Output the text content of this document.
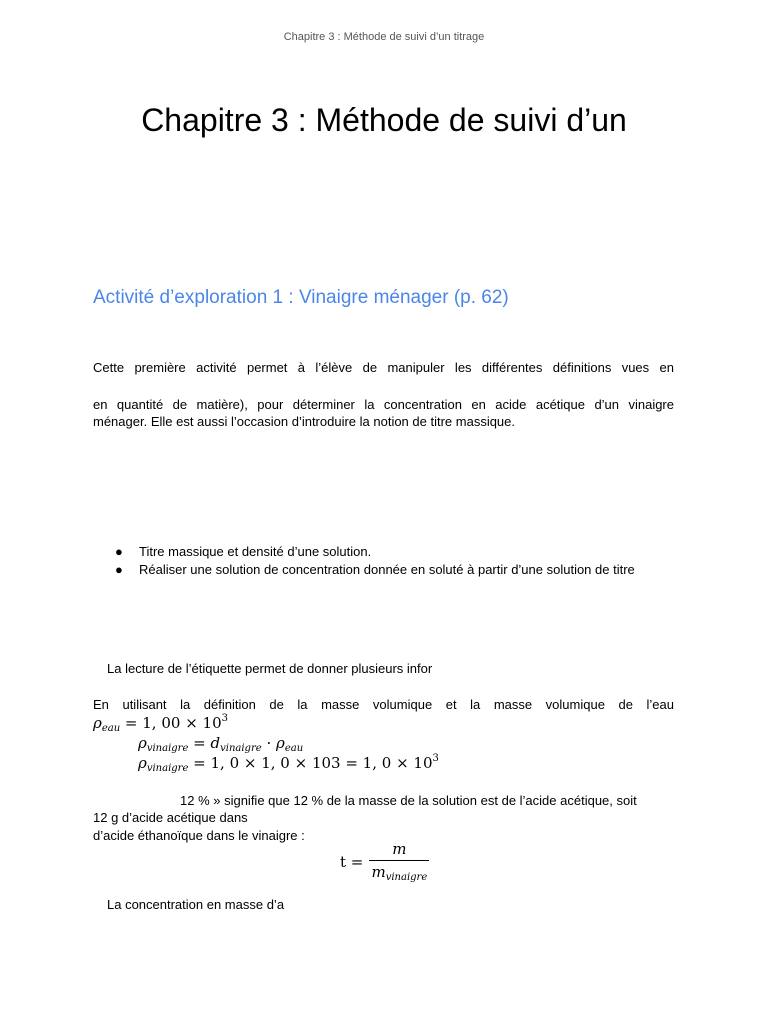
Chapitre 3 : Méthode de suivi d’un titrage
Chapitre 3 : Méthode de suivi d’un
Activité d’exploration 1 : Vinaigre ménager (p. 62)
Cette première activité permet à l’élève de manipuler les différentes définitions vues en
en quantité de matière), pour déterminer la concentration en acide acétique d’un vinaigre
ménager. Elle est aussi l’occasion d’introduire la notion de titre massique.
● Titre massique et densité d’une solution.
● Réaliser une solution de concentration donnée en soluté à partir d’une solution de titre
La lecture de l’étiquette permet de donner plusieurs infor
En utilisant la définition de la masse volumique et la masse volumique de l’eau
$\rho_{eau} = 1$, $00 \times 10^3$
$\rho_{vinaigre} = d_{vinaigre} \cdot \rho_{eau}$
$\rho_{vinaigre} = 1$, 0 × 1, 0 × 103 = 1, $0 \times 10^3$
12 % » signifie que 12 % de la masse de la solution est de l’acide acétique, soit
12 g d’acide acétique dans
d’acide éthanoïque dans le vinaigre :
$t = \frac{m}{m_{vinaigre}}$
La concentration en masse d’a
